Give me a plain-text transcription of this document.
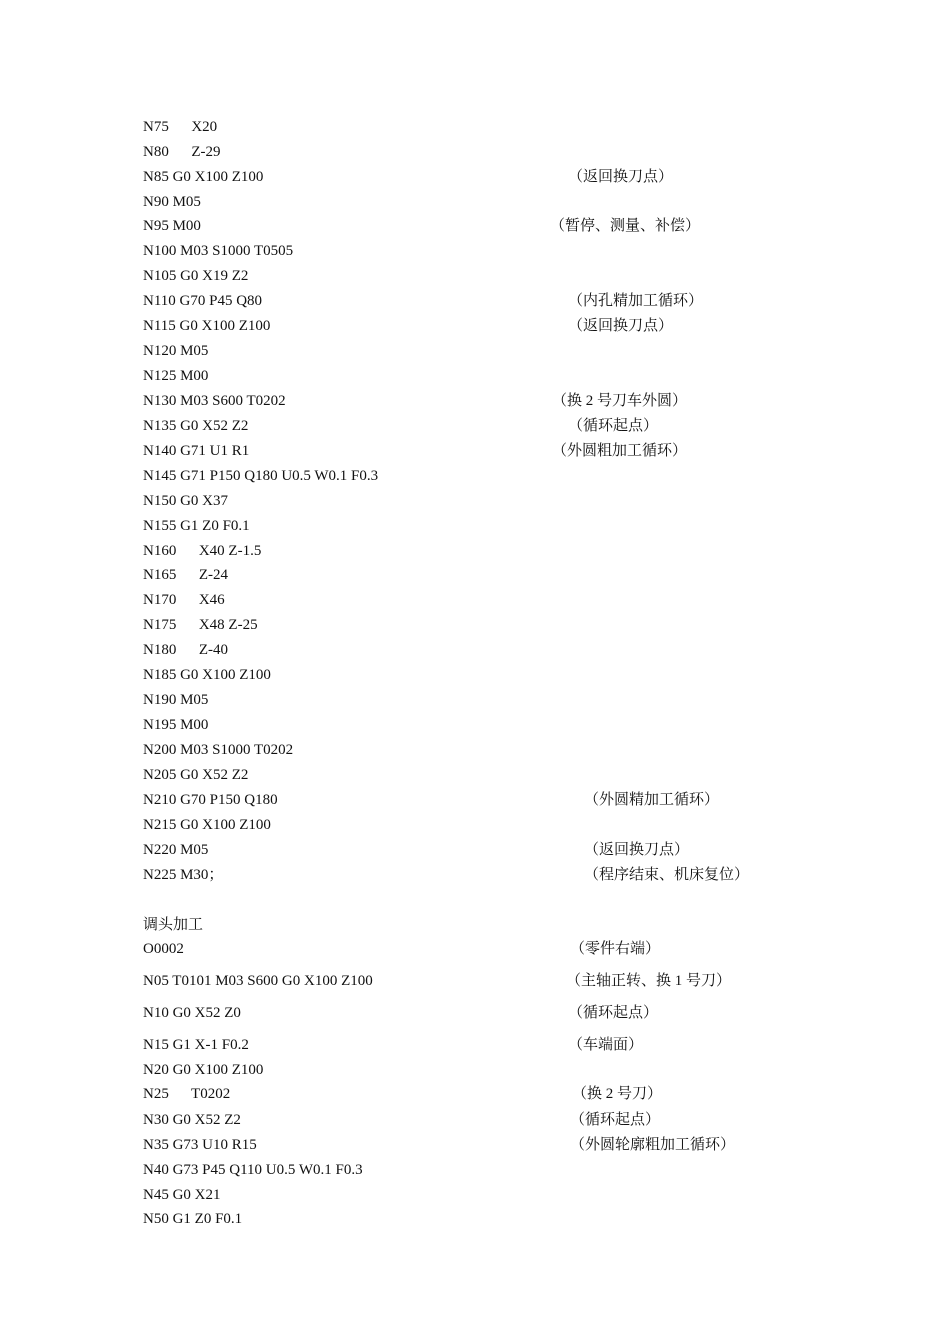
N75      X20
N80      Z-29
N85 G0 X100 Z100	（返回换刀点）
N90 M05
N95 M00	（暂停、测量、补偿）
N100 M03 S1000 T0505
N105 G0 X19 Z2
N110 G70 P45 Q80	（内孔精加工循环）
N115 G0 X100 Z100	（返回换刀点）
N120 M05
N125 M00
N130 M03 S600 T0202	（换 2 号刀车外圆）
N135 G0 X52 Z2	（循环起点）
N140 G71 U1 R1	（外圆粗加工循环）
N145 G71 P150 Q180 U0.5 W0.1 F0.3
N150 G0 X37
N155 G1 Z0 F0.1
N160      X40 Z-1.5
N165      Z-24
N170      X46
N175      X48 Z-25
N180      Z-40
N185 G0 X100 Z100
N190 M05
N195 M00
N200 M03 S1000 T0202
N205 G0 X52 Z2
N210 G70 P150 Q180	（外圆精加工循环）
N215 G0 X100 Z100
N220 M05	（返回换刀点）
N225 M30；	（程序结束、机床复位）
调头加工
O0002	（零件右端）
N05 T0101 M03 S600 G0 X100 Z100	（主轴正转、换 1 号刀）
N10 G0 X52 Z0	（循环起点）
N15 G1 X-1 F0.2	（车端面）
N20 G0 X100 Z100
N25      T0202	（换 2 号刀）
N30 G0 X52 Z2	（循环起点）
N35 G73 U10 R15	（外圆轮廓粗加工循环）
N40 G73 P45 Q110 U0.5 W0.1 F0.3
N45 G0 X21
N50 G1 Z0 F0.1
